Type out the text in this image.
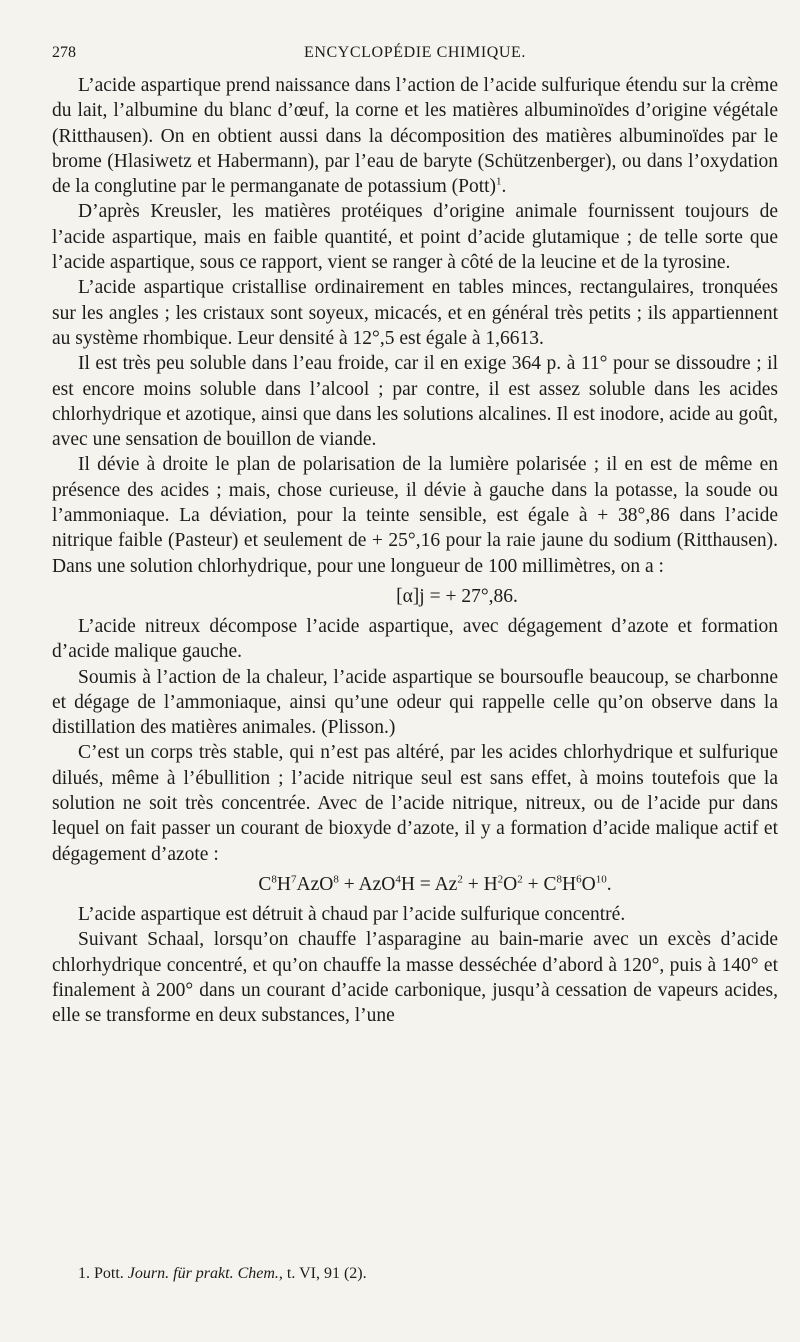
278	ENCYCLOPÉDIE CHIMIQUE.

L’acide aspartique prend naissance dans l’action de l’acide sulfurique étendu sur la crème du lait, l’albumine du blanc d’œuf, la corne et les matières albuminoïdes d’origine végétale (Ritthausen). On en obtient aussi dans la décomposition des matières albuminoïdes par le brome (Hlasiwetz et Habermann), par l’eau de baryte (Schützenberger), ou dans l’oxydation de la conglutine par le permanganate de potassium (Pott)$^1$.

D’après Kreusler, les matières protéiques d’origine animale fournissent toujours de l’acide aspartique, mais en faible quantité, et point d’acide glutamique ; de telle sorte que l’acide aspartique, sous ce rapport, vient se ranger à côté de la leucine et de la tyrosine.

L’acide aspartique cristallise ordinairement en tables minces, rectangulaires, tronquées sur les angles ; les cristaux sont soyeux, micacés, et en général très petits ; ils appartiennent au système rhombique. Leur densité à 12°,5 est égale à 1,6613.

Il est très peu soluble dans l’eau froide, car il en exige 364 p. à 11° pour se dissoudre ; il est encore moins soluble dans l’alcool ; par contre, il est assez soluble dans les acides chlorhydrique et azotique, ainsi que dans les solutions alcalines. Il est inodore, acide au goût, avec une sensation de bouillon de viande.

Il dévie à droite le plan de polarisation de la lumière polarisée ; il en est de même en présence des acides ; mais, chose curieuse, il dévie à gauche dans la potasse, la soude ou l’ammoniaque. La déviation, pour la teinte sensible, est égale à + 38°,86 dans l’acide nitrique faible (Pasteur) et seulement de + 25°,16 pour la raie jaune du sodium (Ritthausen). Dans une solution chlorhydrique, pour une longueur de 100 millimètres, on a :

[α]j = + 27°,86.

L’acide nitreux décompose l’acide aspartique, avec dégagement d’azote et formation d’acide malique gauche.

Soumis à l’action de la chaleur, l’acide aspartique se boursoufle beaucoup, se charbonne et dégage de l’ammoniaque, ainsi qu’une odeur qui rappelle celle qu’on observe dans la distillation des matières animales. (Plisson.)

C’est un corps très stable, qui n’est pas altéré, par les acides chlorhydrique et sulfurique dilués, même à l’ébullition ; l’acide nitrique seul est sans effet, à moins toutefois que la solution ne soit très concentrée. Avec de l’acide nitrique, nitreux, ou de l’acide pur dans lequel on fait passer un courant de bioxyde d’azote, il y a formation d’acide malique actif et dégagement d’azote :

$C^8H^7AzO^8 + AzO^4H = Az^2 + H^2O^2 + C^8H^6O^{10}$.

L’acide aspartique est détruit à chaud par l’acide sulfurique concentré.

Suivant Schaal, lorsqu’on chauffe l’asparagine au bain-marie avec un excès d’acide chlorhydrique concentré, et qu’on chauffe la masse desséchée d’abord à 120°, puis à 140° et finalement à 200° dans un courant d’acide carbonique, jusqu’à cessation de vapeurs acides, elle se transforme en deux substances, l’une

1. Pott. Journ. für prakt. Chem., t. VI, 91 (2).
